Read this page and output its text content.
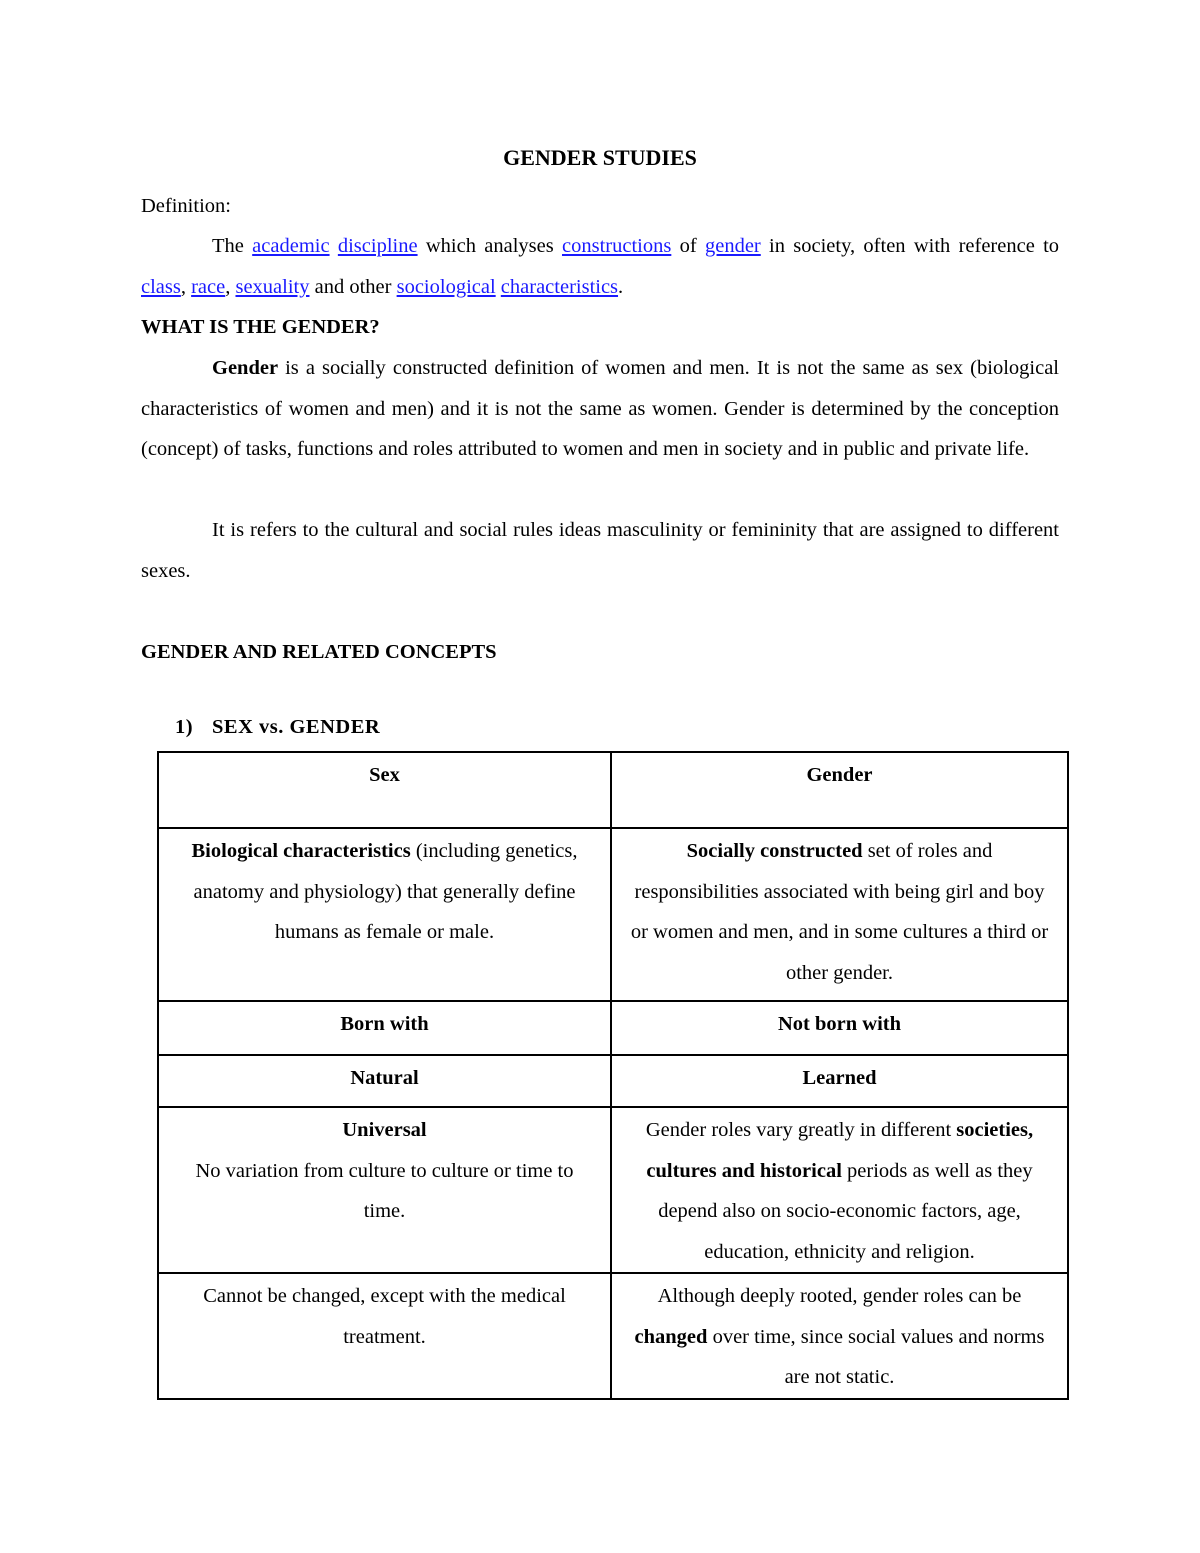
GENDER STUDIES

Definition:

The academic discipline which analyses constructions of gender in society, often with reference to class, race, sexuality and other sociological characteristics.

WHAT IS THE GENDER?

Gender is a socially constructed definition of women and men. It is not the same as sex (biological characteristics of women and men) and it is not the same as women. Gender is determined by the conception (concept) of tasks, functions and roles attributed to women and men in society and in public and private life.

It is refers to the cultural and social rules ideas masculinity or femininity that are assigned to different sexes.

GENDER AND RELATED CONCEPTS

1) SEX vs. GENDER
Sex	Gender
Biological characteristics (including genetics, anatomy and physiology) that generally define humans as female or male.	Socially constructed set of roles and responsibilities associated with being girl and boy or women and men, and in some cultures a third or other gender.
Born with	Not born with
Natural	Learned
Universal
No variation from culture to culture or time to time.	Gender roles vary greatly in different societies, cultures and historical periods as well as they depend also on socio-economic factors, age, education, ethnicity and religion.
Cannot be changed, except with the medical treatment.	Although deeply rooted, gender roles can be changed over time, since social values and norms are not static.
